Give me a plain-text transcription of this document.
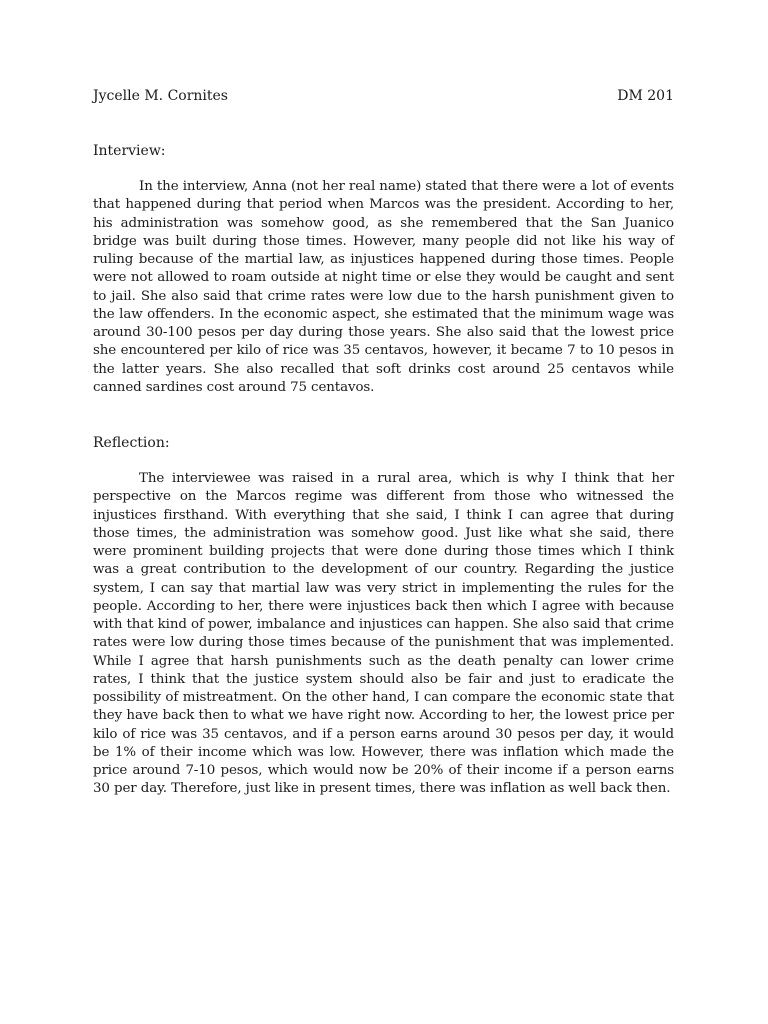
Jycelle M. Cornites	DM 201
Interview:

In the interview, Anna (not her real name) stated that there were a lot of events that happened during that period when Marcos was the president. According to her, his administration was somehow good, as she remembered that the San Juanico bridge was built during those times. However, many people did not like his way of ruling because of the martial law, as injustices happened during those times. People were not allowed to roam outside at night time or else they would be caught and sent to jail. She also said that crime rates were low due to the harsh punishment given to the law offenders. In the economic aspect, she estimated that the minimum wage was around 30-100 pesos per day during those years. She also said that the lowest price she encountered per kilo of rice was 35 centavos, however, it became 7 to 10 pesos in the latter years. She also recalled that soft drinks cost around 25 centavos while canned sardines cost around 75 centavos.

Reflection:

The interviewee was raised in a rural area, which is why I think that her perspective on the Marcos regime was different from those who witnessed the injustices firsthand. With everything that she said, I think I can agree that during those times, the administration was somehow good. Just like what she said, there were prominent building projects that were done during those times which I think was a great contribution to the development of our country. Regarding the justice system, I can say that martial law was very strict in implementing the rules for the people. According to her, there were injustices back then which I agree with because with that kind of power, imbalance and injustices can happen. She also said that crime rates were low during those times because of the punishment that was implemented. While I agree that harsh punishments such as the death penalty can lower crime rates, I think that the justice system should also be fair and just to eradicate the possibility of mistreatment. On the other hand, I can compare the economic state that they have back then to what we have right now. According to her, the lowest price per kilo of rice was 35 centavos, and if a person earns around 30 pesos per day, it would be 1% of their income which was low. However, there was inflation which made the price around 7-10 pesos, which would now be 20% of their income if a person earns 30 per day. Therefore, just like in present times, there was inflation as well back then.
